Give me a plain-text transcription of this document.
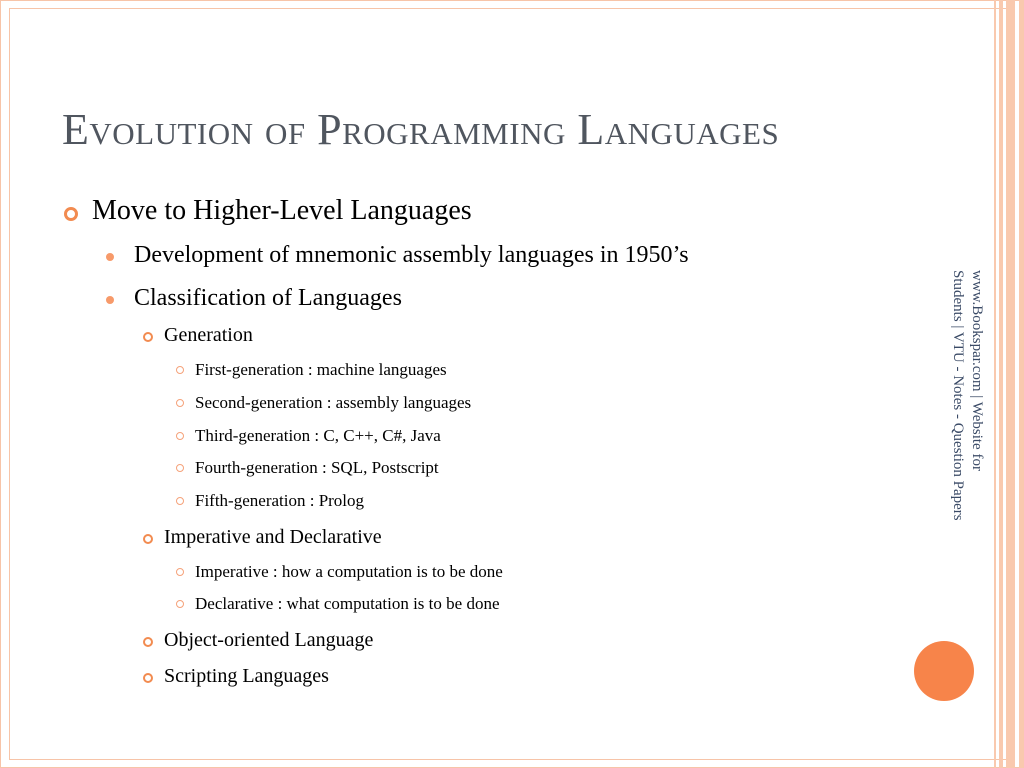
Evolution of Programming Languages
Move to Higher-Level Languages
Development of mnemonic assembly languages in 1950’s
Classification of Languages
Generation
First-generation : machine languages
Second-generation : assembly languages
Third-generation : C, C++, C#, Java
Fourth-generation : SQL, Postscript
Fifth-generation : Prolog
Imperative and Declarative
Imperative : how a computation is to be done
Declarative : what computation is to be done
Object-oriented Language
Scripting Languages
www.Bookspar.com | Website for
Students | VTU - Notes - Question Papers
